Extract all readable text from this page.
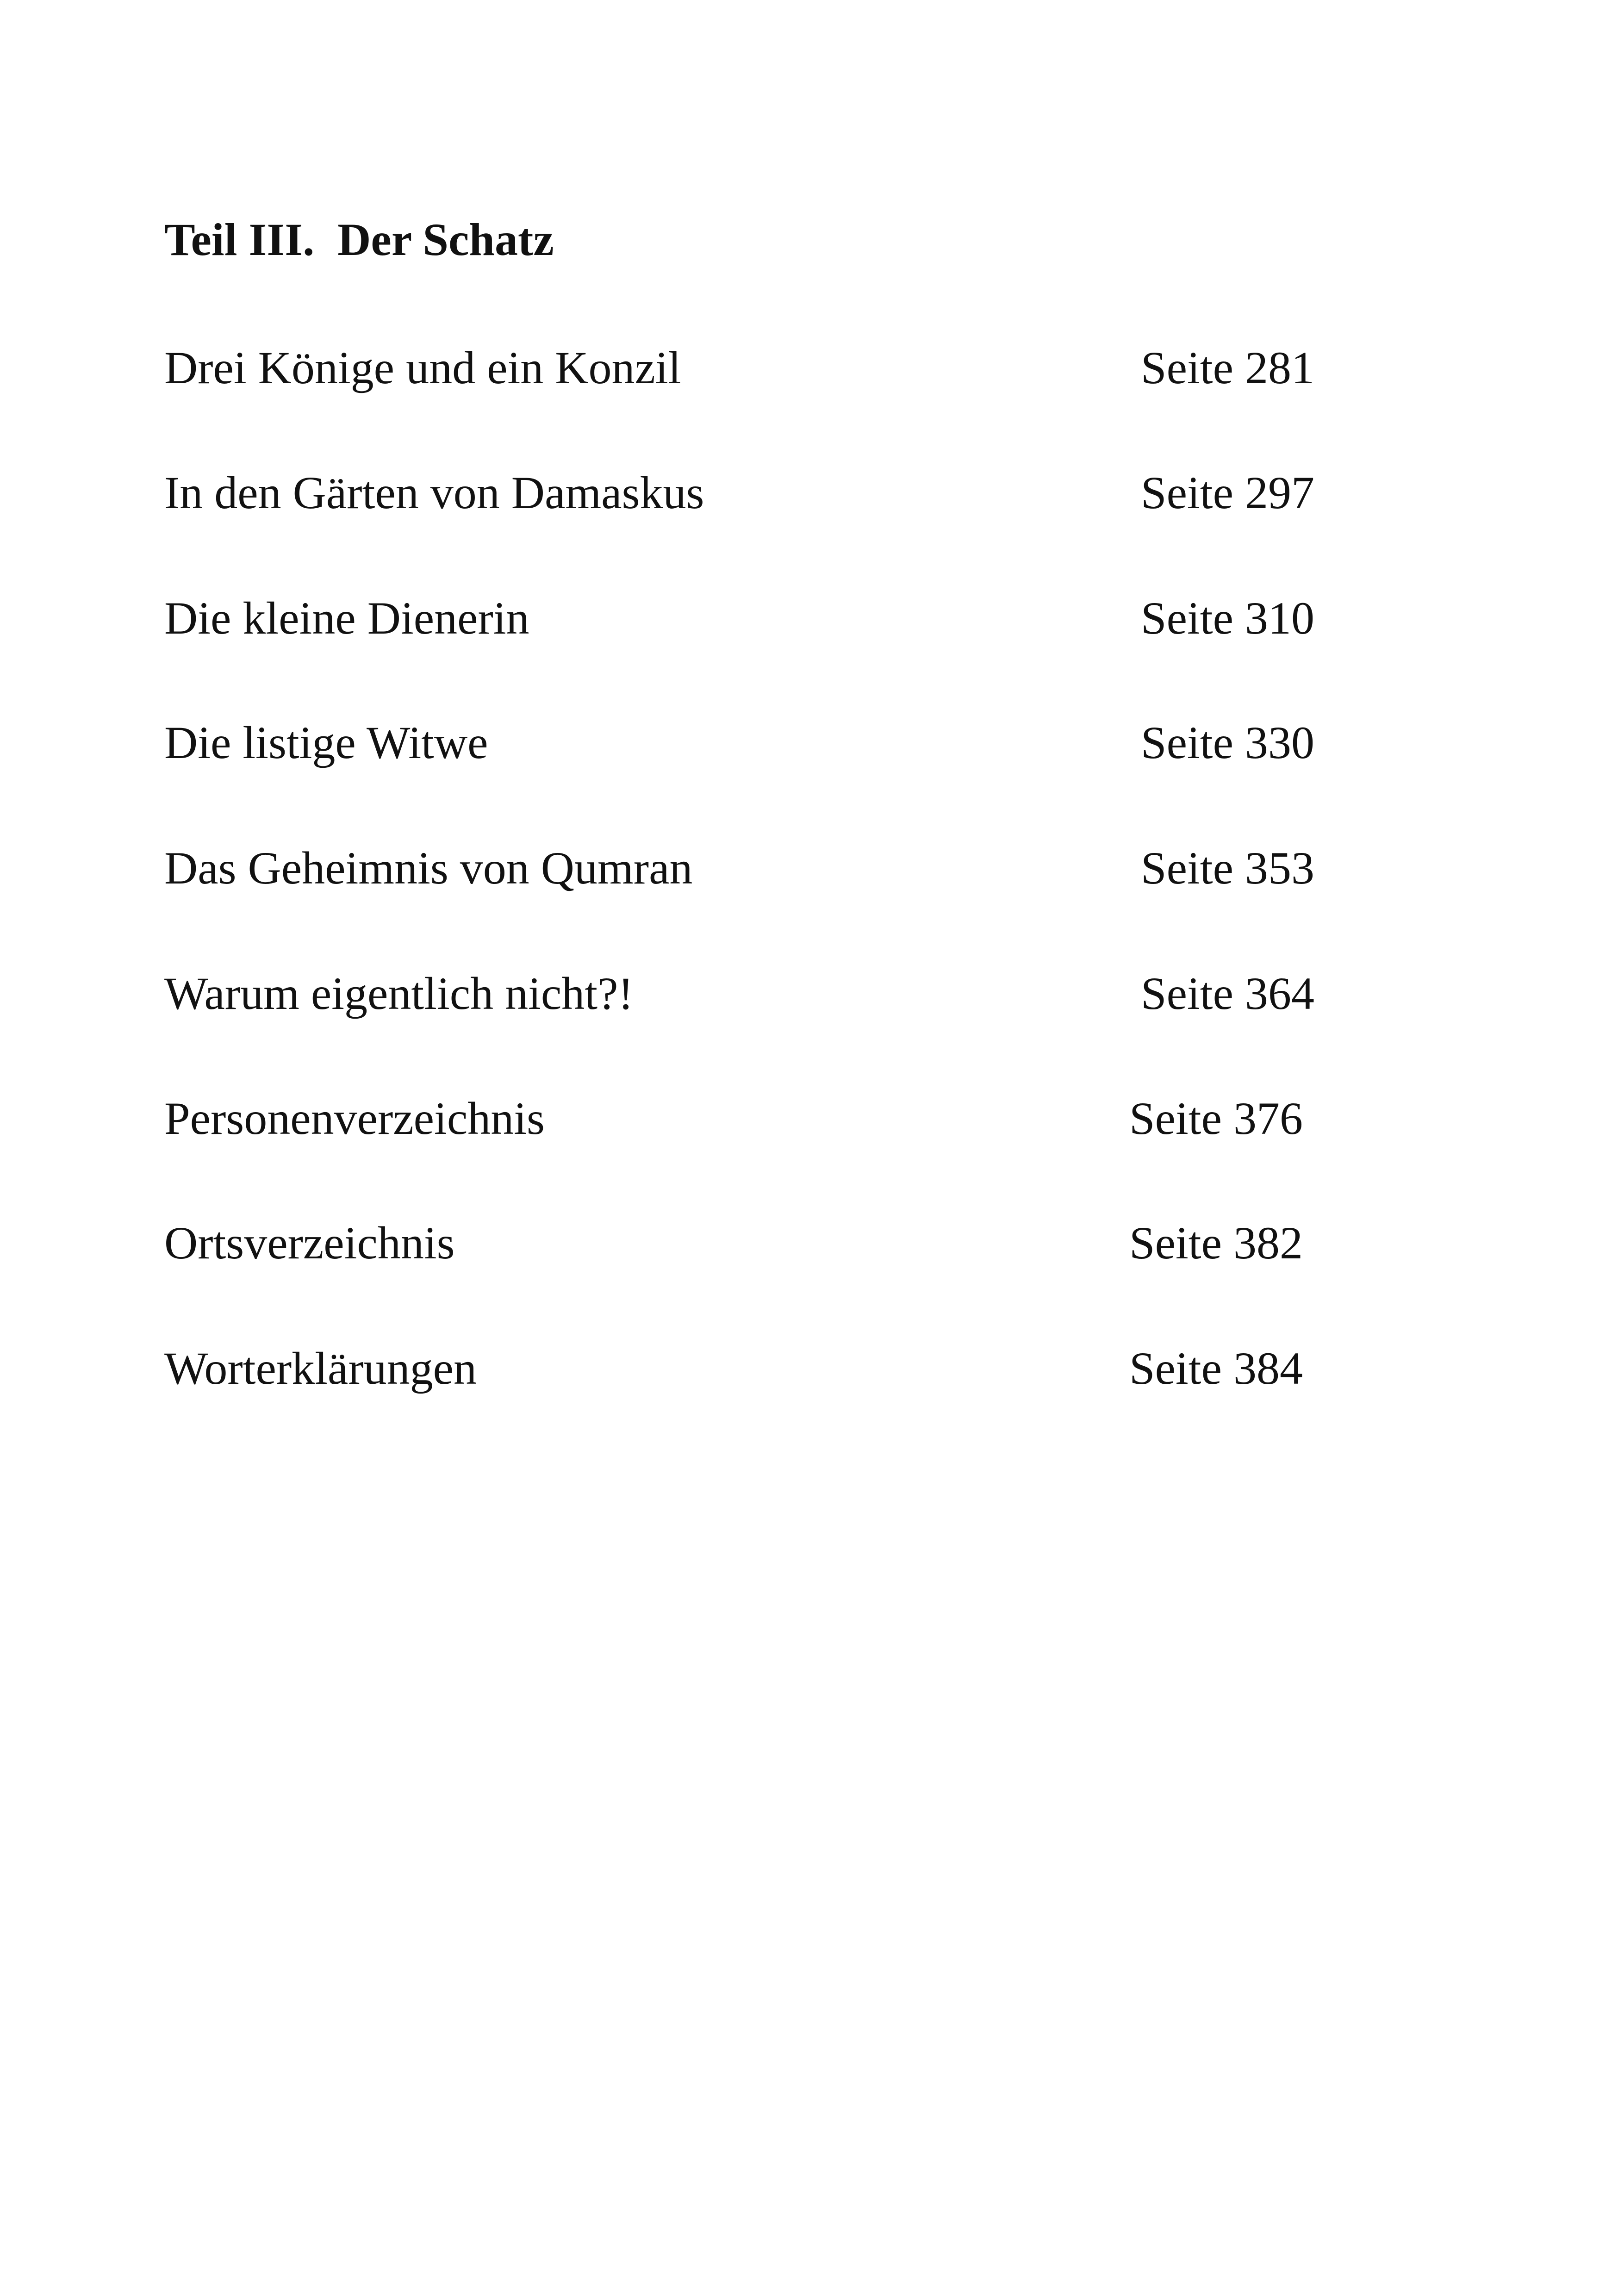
Teil III.  Der Schatz
Drei Könige und ein Konzil	Seite 281
In den Gärten von Damaskus	Seite 297
Die kleine Dienerin	Seite 310
Die listige Witwe	Seite 330
Das Geheimnis von Qumran	Seite 353
Warum eigentlich nicht?!	Seite 364
Personenverzeichnis	Seite 376
Ortsverzeichnis	Seite 382
Worterklärungen	Seite 384
